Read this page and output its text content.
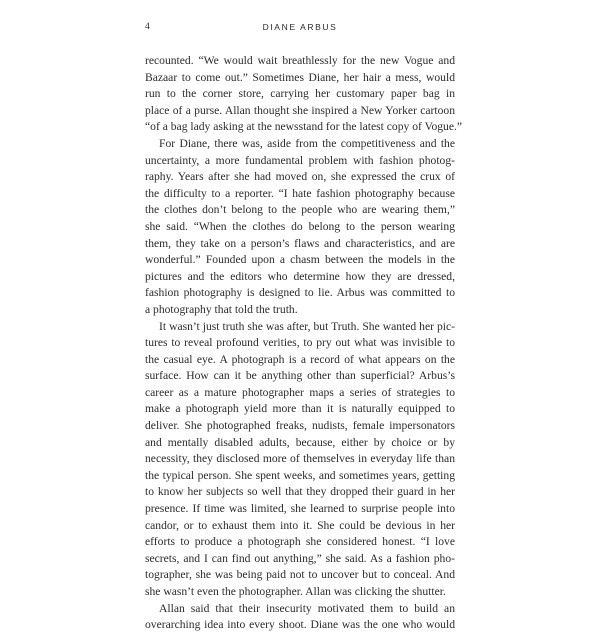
4	DIANE ARBUS
recounted. “We would wait breathlessly for the new Vogue and
Bazaar to come out.” Sometimes Diane, her hair a mess, would
run to the corner store, carrying her customary paper bag in
place of a purse. Allan thought she inspired a New Yorker cartoon
“of a bag lady asking at the newsstand for the latest copy of Vogue.”
For Diane, there was, aside from the competitiveness and the
uncertainty, a more fundamental problem with fashion photog-
raphy. Years after she had moved on, she expressed the crux of
the difficulty to a reporter. “I hate fashion photography because
the clothes don’t belong to the people who are wearing them,”
she said. “When the clothes do belong to the person wearing
them, they take on a person’s flaws and characteristics, and are
wonderful.” Founded upon a chasm between the models in the
pictures and the editors who determine how they are dressed,
fashion photography is designed to lie. Arbus was committed to
a photography that told the truth.
It wasn’t just truth she was after, but Truth. She wanted her pic-
tures to reveal profound verities, to pry out what was invisible to
the casual eye. A photograph is a record of what appears on the
surface. How can it be anything other than superficial? Arbus’s
career as a mature photographer maps a series of strategies to
make a photograph yield more than it is naturally equipped to
deliver. She photographed freaks, nudists, female impersonators
and mentally disabled adults, because, either by choice or by
necessity, they disclosed more of themselves in everyday life than
the typical person. She spent weeks, and sometimes years, getting
to know her subjects so well that they dropped their guard in her
presence. If time was limited, she learned to surprise people into
candor, or to exhaust them into it. She could be devious in her
efforts to produce a photograph she considered honest. “I love
secrets, and I can find out anything,” she said. As a fashion pho-
tographer, she was being paid not to uncover but to conceal. And
she wasn’t even the photographer. Allan was clicking the shutter.
Allan said that their insecurity motivated them to build an
overarching idea into every shoot. Diane was the one who would
